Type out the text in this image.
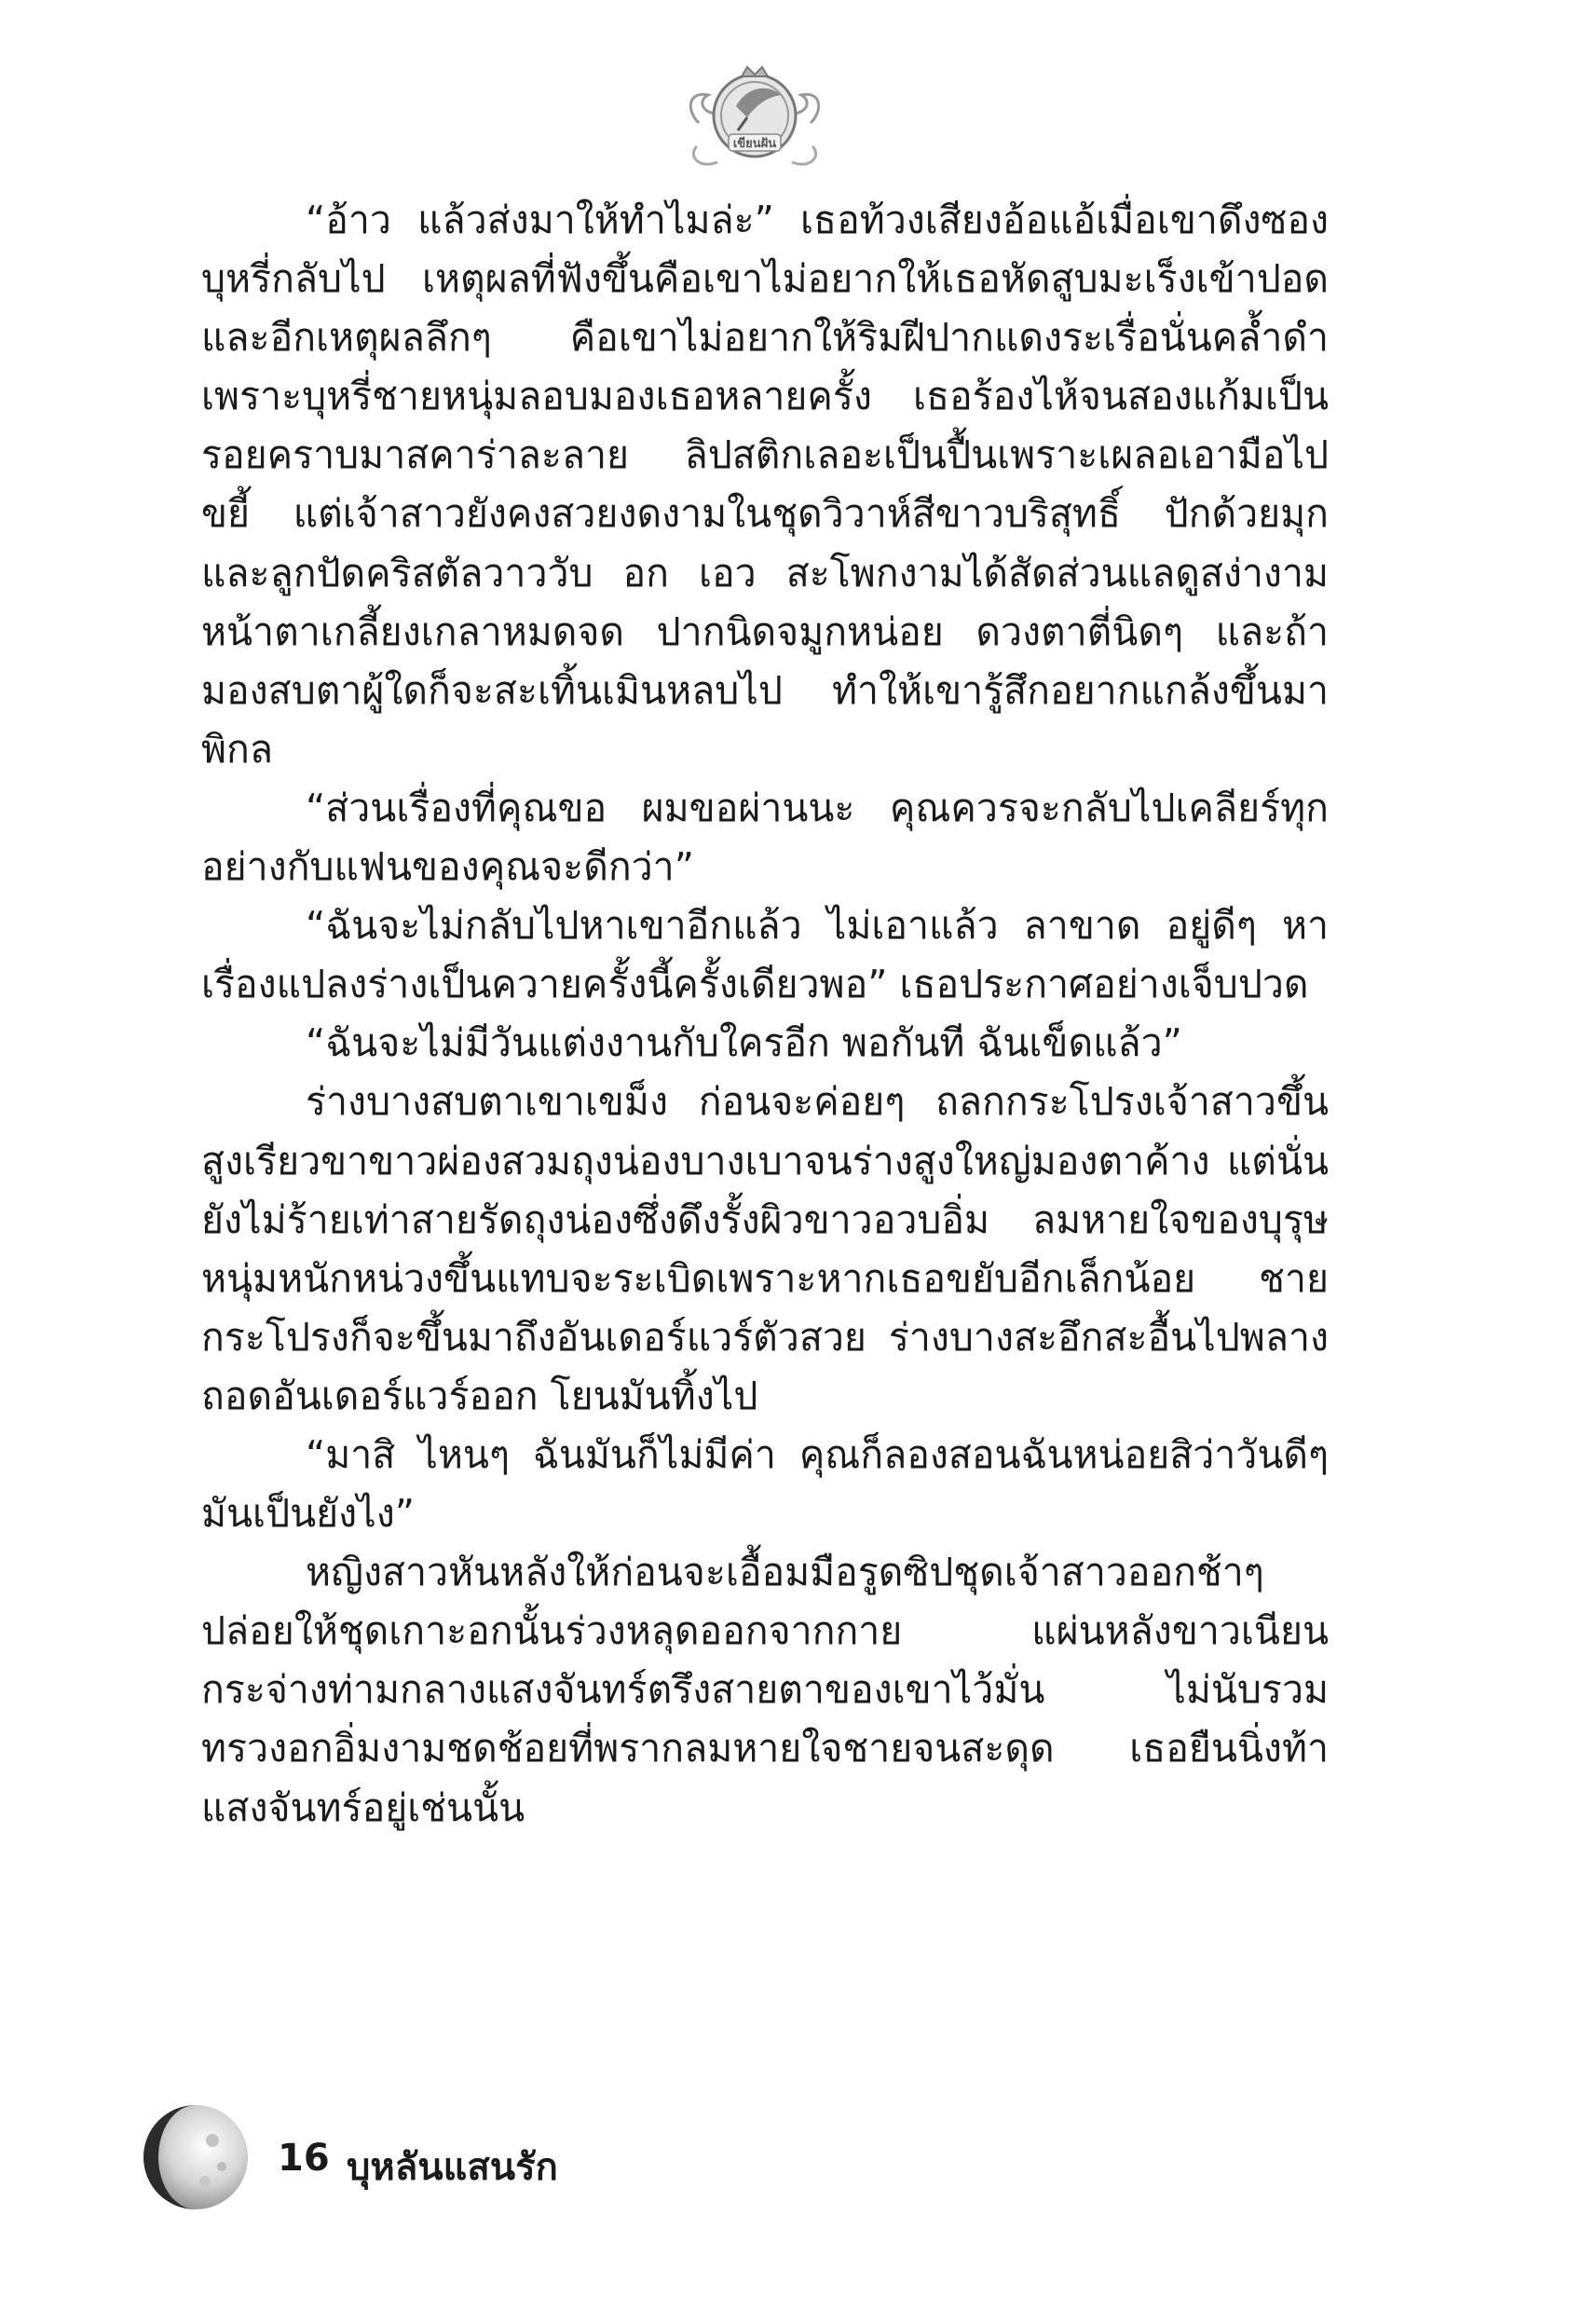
เขียนฝัน

“อ้าว แล้วส่งมาให้ทำไมล่ะ” เธอท้วงเสียงอ้อแอ้เมื่อเขาดึงซองบุหรี่กลับไป เหตุผลที่ฟังขึ้นคือเขาไม่อยากให้เธอหัดสูบมะเร็งเข้าปอด และอีกเหตุผลลึกๆ คือเขาไม่อยากให้ริมฝีปากแดงระเรื่อนั่นคล้ำดำเพราะบุหรี่ชายหนุ่มลอบมองเธอหลายครั้ง เธอร้องไห้จนสองแก้มเป็นรอยคราบมาสคาร่าละลาย ลิปสติกเลอะเป็นปื้นเพราะเผลอเอามือไปขยี้ แต่เจ้าสาวยังคงสวยงดงามในชุดวิวาห์สีขาวบริสุทธิ์ ปักด้วยมุกและลูกปัดคริสตัลวาววับ อก เอว สะโพกงามได้สัดส่วนแลดูสง่างาม หน้าตาเกลี้ยงเกลาหมดจด ปากนิดจมูกหน่อย ดวงตาตี่นิดๆ และถ้ามองสบตาผู้ใดก็จะสะเทิ้นเมินหลบไป ทำให้เขารู้สึกอยากแกล้งขึ้นมาพิกล

“ส่วนเรื่องที่คุณขอ ผมขอผ่านนะ คุณควรจะกลับไปเคลียร์ทุกอย่างกับแฟนของคุณจะดีกว่า”

“ฉันจะไม่กลับไปหาเขาอีกแล้ว ไม่เอาแล้ว ลาขาด อยู่ดีๆ หาเรื่องแปลงร่างเป็นควายครั้งนี้ครั้งเดียวพอ” เธอประกาศอย่างเจ็บปวด

“ฉันจะไม่มีวันแต่งงานกับใครอีก พอกันที ฉันเข็ดแล้ว”

ร่างบางสบตาเขาเขม็ง ก่อนจะค่อยๆ ถลกกระโปรงเจ้าสาวขึ้นสูงเรียวขาขาวผ่องสวมถุงน่องบางเบาจนร่างสูงใหญ่มองตาค้าง แต่นั่นยังไม่ร้ายเท่าสายรัดถุงน่องซึ่งดึงรั้งผิวขาวอวบอิ่ม ลมหายใจของบุรุษหนุ่มหนักหน่วงขึ้นแทบจะระเบิดเพราะหากเธอขยับอีกเล็กน้อย ชายกระโปรงก็จะขึ้นมาถึงอันเดอร์แวร์ตัวสวย ร่างบางสะอึกสะอื้นไปพลางถอดอันเดอร์แวร์ออก โยนมันทิ้งไป

“มาสิ ไหนๆ ฉันมันก็ไม่มีค่า คุณก็ลองสอนฉันหน่อยสิว่าวันดีๆ มันเป็นยังไง”

หญิงสาวหันหลังให้ก่อนจะเอื้อมมือรูดซิปชุดเจ้าสาวออกช้าๆ ปล่อยให้ชุดเกาะอกนั้นร่วงหลุดออกจากกาย แผ่นหลังขาวเนียนกระจ่างท่ามกลางแสงจันทร์ตรึงสายตาของเขาไว้มั่น ไม่นับรวมทรวงอกอิ่มงามชดช้อยที่พรากลมหายใจชายจนสะดุด เธอยืนนิ่งท้าแสงจันทร์อยู่เช่นนั้น

16 บุหลันแสนรัก
